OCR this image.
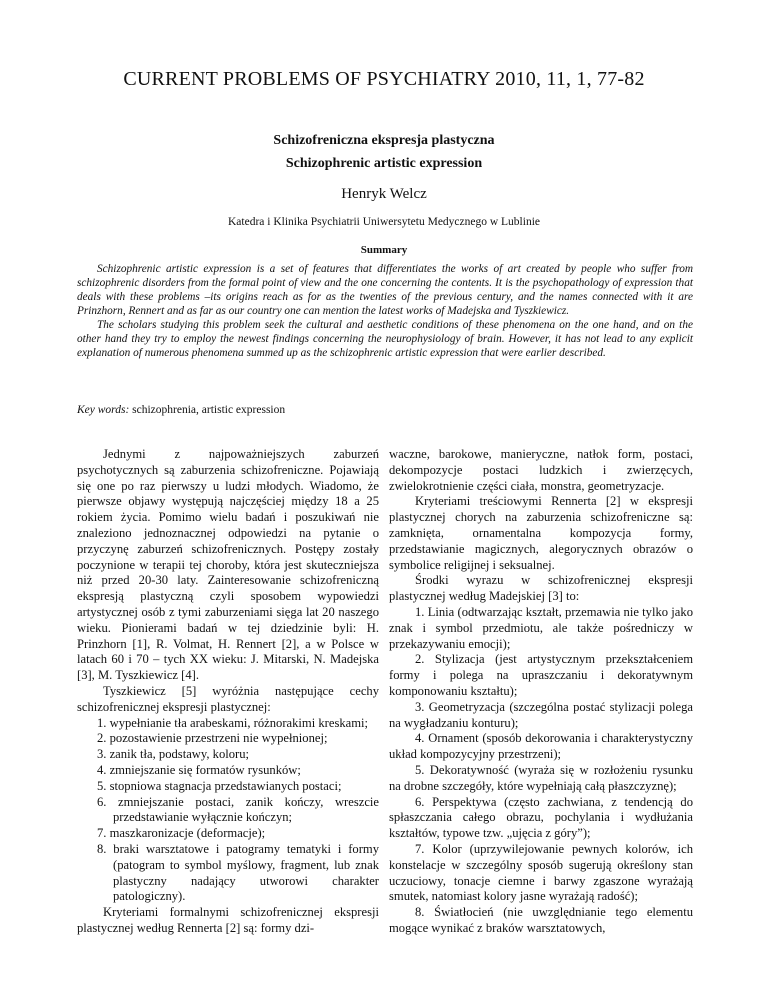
CURRENT PROBLEMS OF PSYCHIATRY 2010, 11, 1, 77-82
Schizofreniczna ekspresja plastyczna
Schizophrenic artistic expression
Henryk Welcz
Katedra i Klinika Psychiatrii Uniwersytetu Medycznego w Lublinie
Summary

Schizophrenic artistic expression is a set of features that differentiates the works of art created by people who suffer from schizophrenic disorders from the formal point of view and the one concerning the contents. It is the psychopathology of expression that deals with these problems –its origins reach as for as the twenties of the previous century, and the names connected with it are Prinzhorn, Rennert and as far as our country one can mention the latest works of Madejska and Tyszkiewicz.

The scholars studying this problem seek the cultural and aesthetic conditions of these phenomena on the one hand, and on the other hand they try to employ the newest findings concerning the neurophysiology of brain. However, it has not lead to any explicit explanation of numerous phenomena summed up as the schizophrenic artistic expression that were earlier described.

Key words: schizophrenia, artistic expression

Jednymi z najpoważniejszych zaburzeń psychotycznych są zaburzenia schizofreniczne. Pojawiają się one po raz pierwszy u ludzi młodych. Wiadomo, że pierwsze objawy występują najczęściej między 18 a 25 rokiem życia. Pomimo wielu badań i poszukiwań nie znaleziono jednoznacznej odpowiedzi na pytanie o przyczynę zaburzeń schizofrenicznych. Postępy zostały poczynione w terapii tej choroby, która jest skuteczniejsza niż przed 20-30 laty. Zainteresowanie schizofreniczną ekspresją plastyczną czyli sposobem wypowiedzi artystycznej osób z tymi zaburzeniami sięga lat 20 naszego wieku. Pionierami badań w tej dziedzinie byli: H. Prinzhorn [1], R. Volmat, H. Rennert [2], a w Polsce w latach 60 i 70 – tych XX wieku: J. Mitarski, N. Madejska [3], M. Tyszkiewicz [4].

Tyszkiewicz [5] wyróżnia następujące cechy schizofrenicznej ekspresji plastycznej:

1. wypełnianie tła arabeskami, różnorakimi kreskami;
2. pozostawienie przestrzeni nie wypełnionej;
3. zanik tła, podstawy, koloru;
4. zmniejszanie się formatów rysunków;
5. stopniowa stagnacja przedstawianych postaci;
6. zmniejszanie postaci, zanik kończy, wreszcie przedstawianie wyłącznie kończyn;
7. maszkaronizacje (deformacje);
8. braki warsztatowe i patogramy tematyki i formy (patogram to symbol myślowy, fragment, lub znak plastyczny nadający utworowi charakter patologiczny).

Kryteriami formalnymi schizofrenicznej ekspresji plastycznej według Rennerta [2] są: formy dzi-

waczne, barokowe, manieryczne, natłok form, postaci, dekompozycje postaci ludzkich i zwierzęcych, zwielokrotnienie części ciała, monstra, geometryzacje.

Kryteriami treściowymi Rennerta [2] w ekspresji plastycznej chorych na zaburzenia schizofreniczne są: zamknięta, ornamentalna kompozycja formy, przedstawianie magicznych, alegorycznych obrazów o symbolice religijnej i seksualnej.

Środki wyrazu w schizofrenicznej ekspresji plastycznej według Madejskiej [3] to:

1. Linia (odtwarzając kształt, przemawia nie tylko jako znak i symbol przedmiotu, ale także pośredniczy w przekazywaniu emocji);

2. Stylizacja (jest artystycznym przekształceniem formy i polega na upraszczaniu i dekoratywnym komponowaniu kształtu);

3. Geometryzacja (szczególna postać stylizacji polega na wygładzaniu konturu);

4. Ornament (sposób dekorowania i charakterystyczny układ kompozycyjny przestrzeni);

5. Dekoratywność (wyraża się w rozłożeniu rysunku na drobne szczegóły, które wypełniają całą płaszczyznę);

6. Perspektywa (często zachwiana, z tendencją do spłaszczania całego obrazu, pochylania i wydłużania kształtów, typowe tzw. „ujęcia z góry”);

7. Kolor (uprzywilejowanie pewnych kolorów, ich konstelacje w szczególny sposób sugerują określony stan uczuciowy, tonacje ciemne i barwy zgaszone wyrażają smutek, natomiast kolory jasne wyrażają radość);

8. Światłocień (nie uwzględnianie tego elementu mogące wynikać z braków warsztatowych,
